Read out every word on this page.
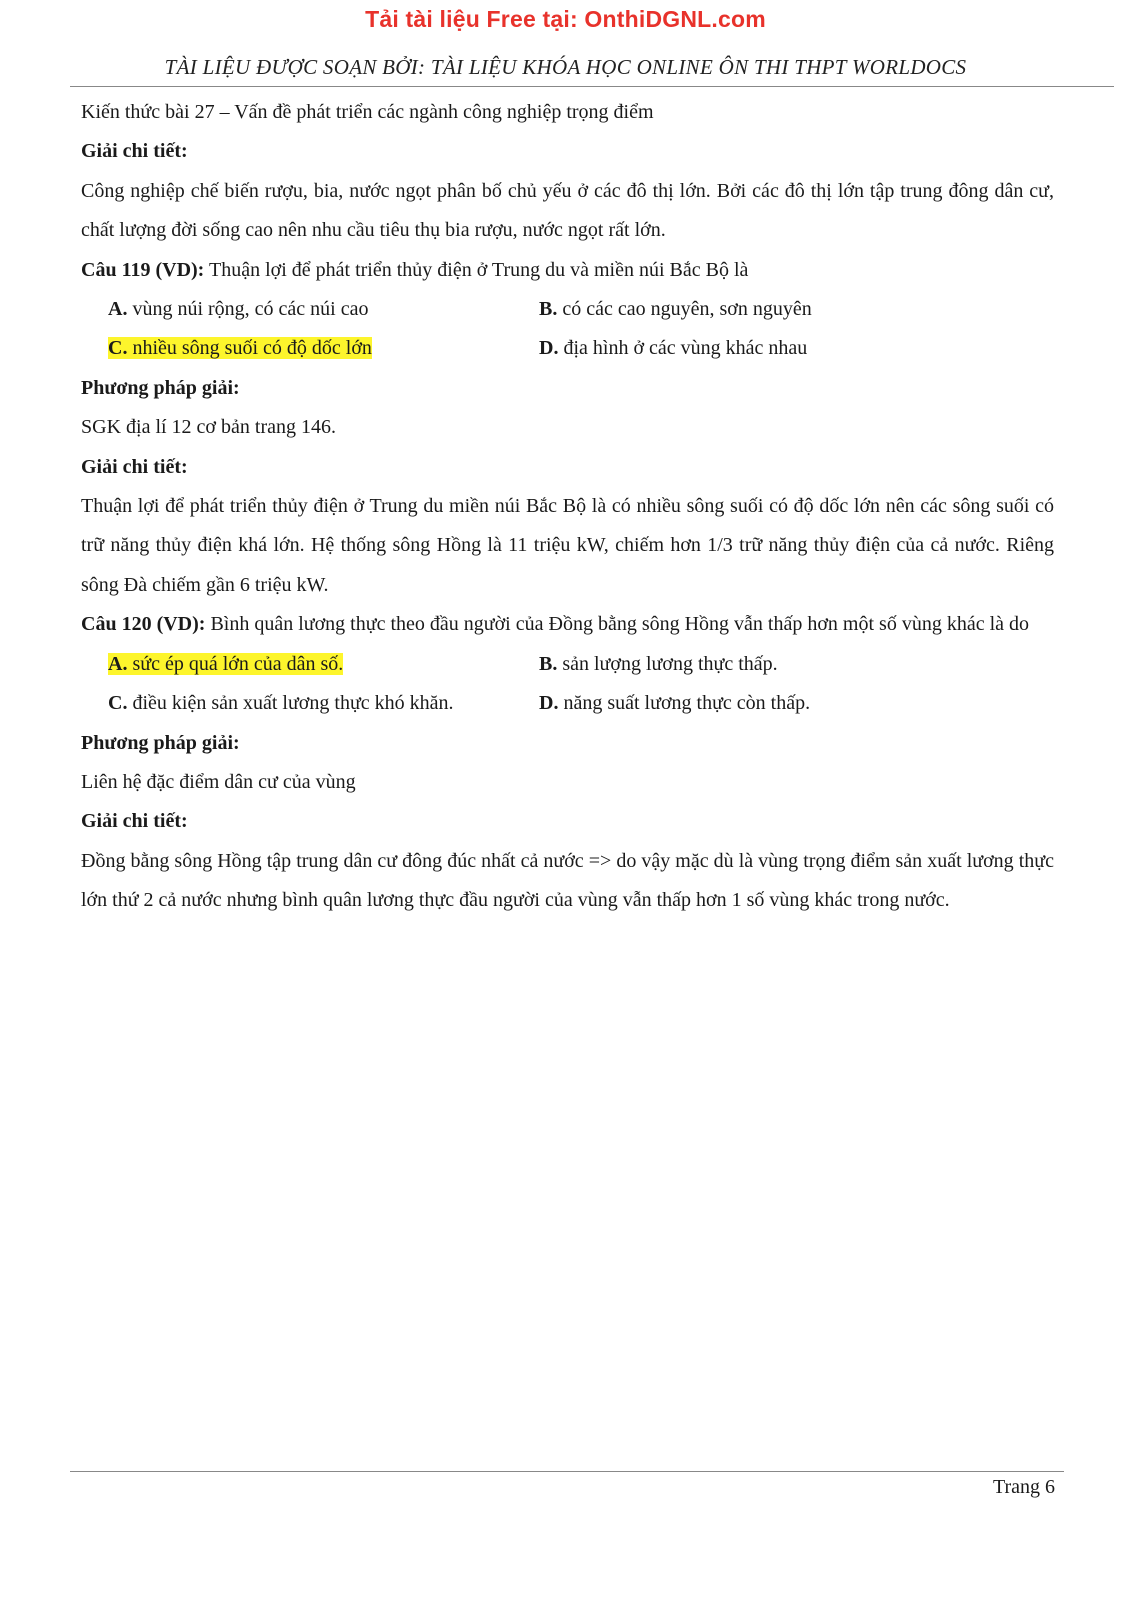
Tải tài liệu Free tại: OnthiDGNL.com
TÀI LIỆU ĐƯỢC SOẠN BỞI: TÀI LIỆU KHÓA HỌC ONLINE ÔN THI THPT WORLDOCS

Kiến thức bài 27 – Vấn đề phát triển các ngành công nghiệp trọng điểm

Giải chi tiết:

Công nghiệp chế biến rượu, bia, nước ngọt phân bố chủ yếu ở các đô thị lớn. Bởi các đô thị lớn tập trung đông dân cư, chất lượng đời sống cao nên nhu cầu tiêu thụ bia rượu, nước ngọt rất lớn.

Câu 119 (VD): Thuận lợi để phát triển thủy điện ở Trung du và miền núi Bắc Bộ là

A. vùng núi rộng, có các núi cao	B. có các cao nguyên, sơn nguyên
C. nhiều sông suối có độ dốc lớn	D. địa hình ở các vùng khác nhau

Phương pháp giải:

SGK địa lí 12 cơ bản trang 146.

Giải chi tiết:

Thuận lợi để phát triển thủy điện ở Trung du miền núi Bắc Bộ là có nhiều sông suối có độ dốc lớn nên các sông suối có trữ năng thủy điện khá lớn. Hệ thống sông Hồng là 11 triệu kW, chiếm hơn 1/3 trữ năng thủy điện của cả nước. Riêng sông Đà chiếm gần 6 triệu kW.

Câu 120 (VD): Bình quân lương thực theo đầu người của Đồng bằng sông Hồng vẫn thấp hơn một số vùng khác là do

A. sức ép quá lớn của dân số.	B. sản lượng lương thực thấp.
C. điều kiện sản xuất lương thực khó khăn.	D. năng suất lương thực còn thấp.

Phương pháp giải:

Liên hệ đặc điểm dân cư của vùng

Giải chi tiết:

Đồng bằng sông Hồng tập trung dân cư đông đúc nhất cả nước => do vậy mặc dù là vùng trọng điểm sản xuất lương thực lớn thứ 2 cả nước nhưng bình quân lương thực đầu người của vùng vẫn thấp hơn 1 số vùng khác trong nước.

Trang 6
